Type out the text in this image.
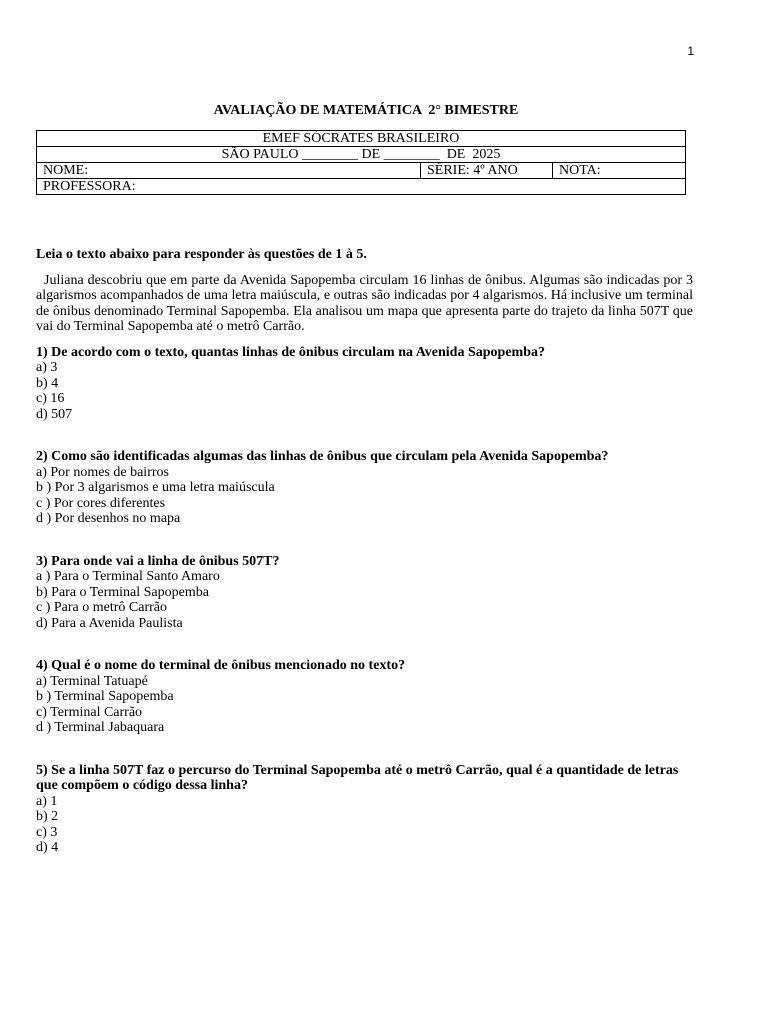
1
AVALIAÇÃO DE MATEMÁTICA  2° BIMESTRE
EMEF SÓCRATES BRASILEIRO
SÃO PAULO ________ DE ________  DE  2025
NOME:	SÉRIE: 4º ANO	NOTA:
PROFESSORA:

Leia o texto abaixo para responder às questões de 1 à 5.

Juliana descobriu que em parte da Avenida Sapopemba circulam 16 linhas de ônibus. Algumas são indicadas por 3 algarismos acompanhados de uma letra maiúscula, e outras são indicadas por 4 algarismos. Há inclusive um terminal de ônibus denominado Terminal Sapopemba. Ela analisou um mapa que apresenta parte do trajeto da linha 507T que vai do Terminal Sapopemba até o metrô Carrão.

1) De acordo com o texto, quantas linhas de ônibus circulam na Avenida Sapopemba?
a) 3
b) 4
c) 16
d) 507
2) Como são identificadas algumas das linhas de ônibus que circulam pela Avenida Sapopemba?
a) Por nomes de bairros
b ) Por 3 algarismos e uma letra maiúscula
c ) Por cores diferentes
d ) Por desenhos no mapa
3) Para onde vai a linha de ônibus 507T?
a ) Para o Terminal Santo Amaro
b) Para o Terminal Sapopemba
c ) Para o metrô Carrão
d) Para a Avenida Paulista
4) Qual é o nome do terminal de ônibus mencionado no texto?
a) Terminal Tatuapé
b ) Terminal Sapopemba
c) Terminal Carrão
d ) Terminal Jabaquara
5) Se a linha 507T faz o percurso do Terminal Sapopemba até o metrô Carrão, qual é a quantidade de letras que compõem o código dessa linha?
a) 1
b) 2
c) 3
d) 4
